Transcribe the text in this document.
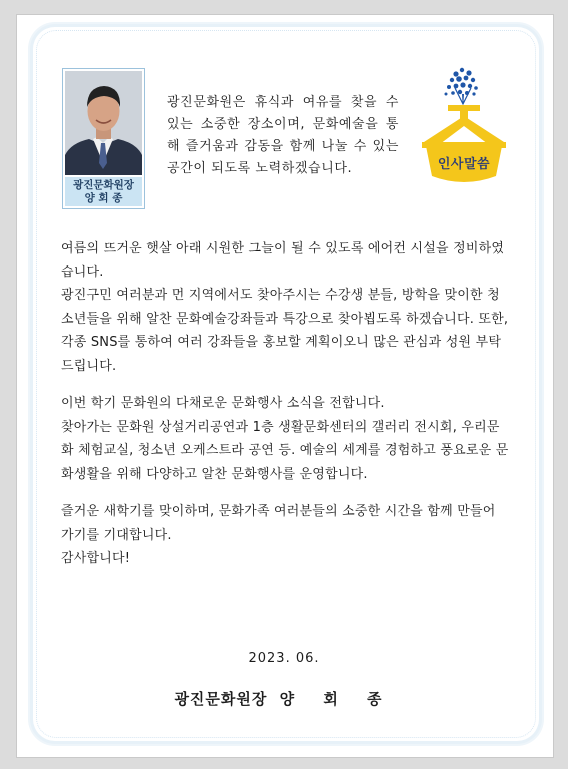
광진문화원장
양 회 종

광진문화원은 휴식과 여유를 찾을 수 있는 소중한 장소이며, 문화예술을 통해 즐거움과 감동을 함께 나눌 수 있는 공간이 되도록 노력하겠습니다.	인사말씀

여름의 뜨거운 햇살 아래 시원한 그늘이 될 수 있도록 에어컨 시설을 정비하였습니다.

광진구민 여러분과 먼 지역에서도 찾아주시는 수강생 분들, 방학을 맞이한 청소년들을 위해 알찬 문화예술강좌들과 특강으로 찾아뵙도록 하겠습니다. 또한, 각종 SNS를 통하여 여러 강좌들을 홍보할 계획이오니 많은 관심과 성원 부탁드립니다.

이번 학기 문화원의 다채로운 문화행사 소식을 전합니다.

찾아가는 문화원 상설거리공연과 1층 생활문화센터의 갤러리 전시회, 우리문화 체험교실, 청소년 오케스트라 공연 등. 예술의 세계를 경험하고 풍요로운 문화생활을 위해 다양하고 알찬 문화행사를 운영합니다.

즐거운 새학기를 맞이하며, 문화가족 여러분들의 소중한 시간을 함께 만들어 가기를 기대합니다.

감사합니다!

2023. 06.
광진문화원장 양 회 종
